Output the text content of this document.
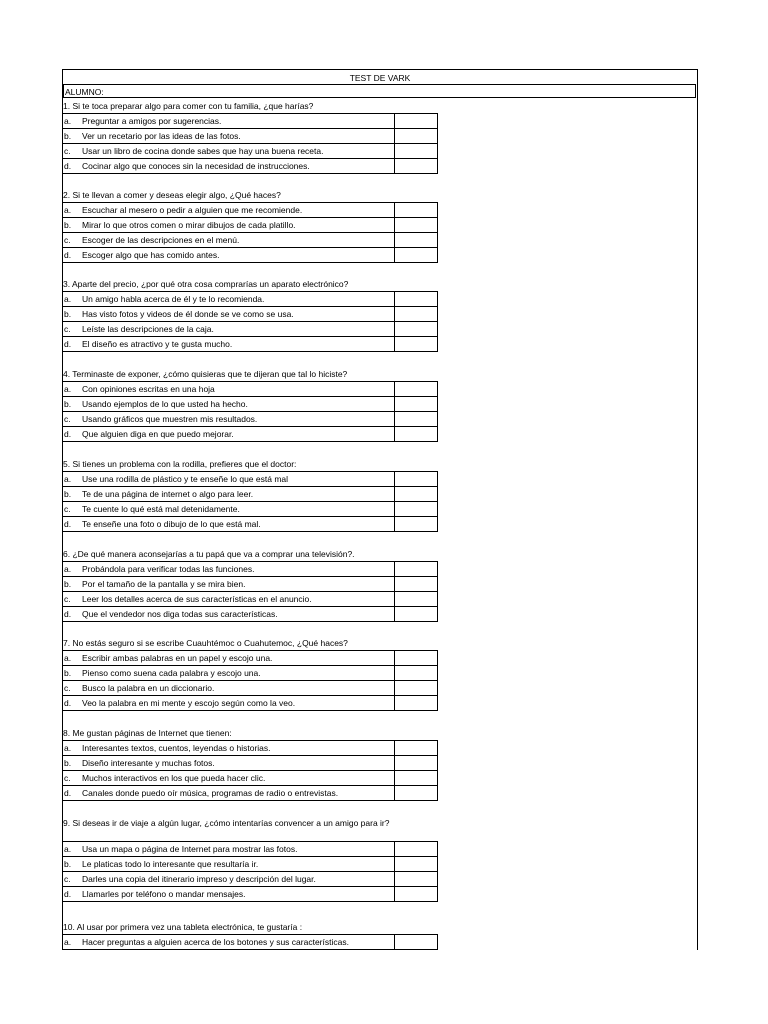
TEST DE VARK
ALUMNO:
1. Si te toca preparar algo para comer con tu familia, ¿que harías?
a. Preguntar a amigos por sugerencias.
b. Ver un recetario por las ideas de las fotos.
c. Usar un libro de cocina donde sabes que hay una buena receta.
d. Cocinar algo que conoces sin la necesidad de instrucciones.
2. Si te llevan a comer y deseas elegir algo, ¿Qué haces?
a. Escuchar al mesero o pedir a alguien que me recomiende.
b. Mirar lo que otros comen o mirar dibujos de cada platillo.
c. Escoger de las descripciones en el menú.
d. Escoger algo que has comido antes.
3. Aparte del precio, ¿por qué otra cosa comprarías un aparato electrónico?
a. Un amigo habla acerca de él y te lo recomienda.
b. Has visto fotos y videos de él donde se ve como se usa.
c. Leíste las descripciones de la caja.
d. El diseño es atractivo y te gusta mucho.
4. Terminaste de exponer, ¿cómo quisieras que te dijeran que tal lo hiciste?
a. Con opiniones escritas en una hoja
b. Usando ejemplos de lo que usted ha hecho.
c. Usando gráficos que muestren mis resultados.
d. Que alguien diga en que puedo mejorar.
5. Si tienes un problema con la rodilla, prefieres que el doctor:
a. Use una rodilla de plástico y te enseñe lo que está mal
b. Te de una página de internet o algo para leer.
c. Te cuente lo qué está mal detenidamente.
d. Te enseñe una foto o dibujo de lo que está mal.
6. ¿De qué manera aconsejarías a tu papá que va a comprar una televisión?.
a. Probándola para verificar todas las funciones.
b. Por el tamaño de la pantalla y se mira bien.
c. Leer los detalles acerca de sus características en el anuncio.
d. Que el vendedor nos diga todas sus características.
7. No estás seguro si se escribe Cuauhtémoc o Cuahutemoc, ¿Qué haces?
a. Escribir ambas palabras en un papel y escojo una.
b. Pienso como suena cada palabra y escojo una.
c. Busco la palabra en un diccionario.
d. Veo la palabra en mi mente y escojo según como la veo.
8. Me gustan páginas de Internet que tienen:
a. Interesantes textos, cuentos, leyendas o historias.
b. Diseño interesante y muchas fotos.
c. Muchos interactivos en los que pueda hacer clic.
d. Canales donde puedo oír música, programas de radio o entrevistas.
9. Si deseas ir de viaje a algún lugar, ¿cómo intentarías convencer a un amigo para ir?
a. Usa un mapa o página de Internet para mostrar las fotos.
b. Le platicas todo lo interesante que resultaría ir.
c. Darles una copia del itinerario impreso y descripción del lugar.
d. Llamarles por teléfono o mandar mensajes.
10. Al usar por primera vez una tableta electrónica, te gustaría :
a. Hacer preguntas a alguien acerca de los botones y sus características.
